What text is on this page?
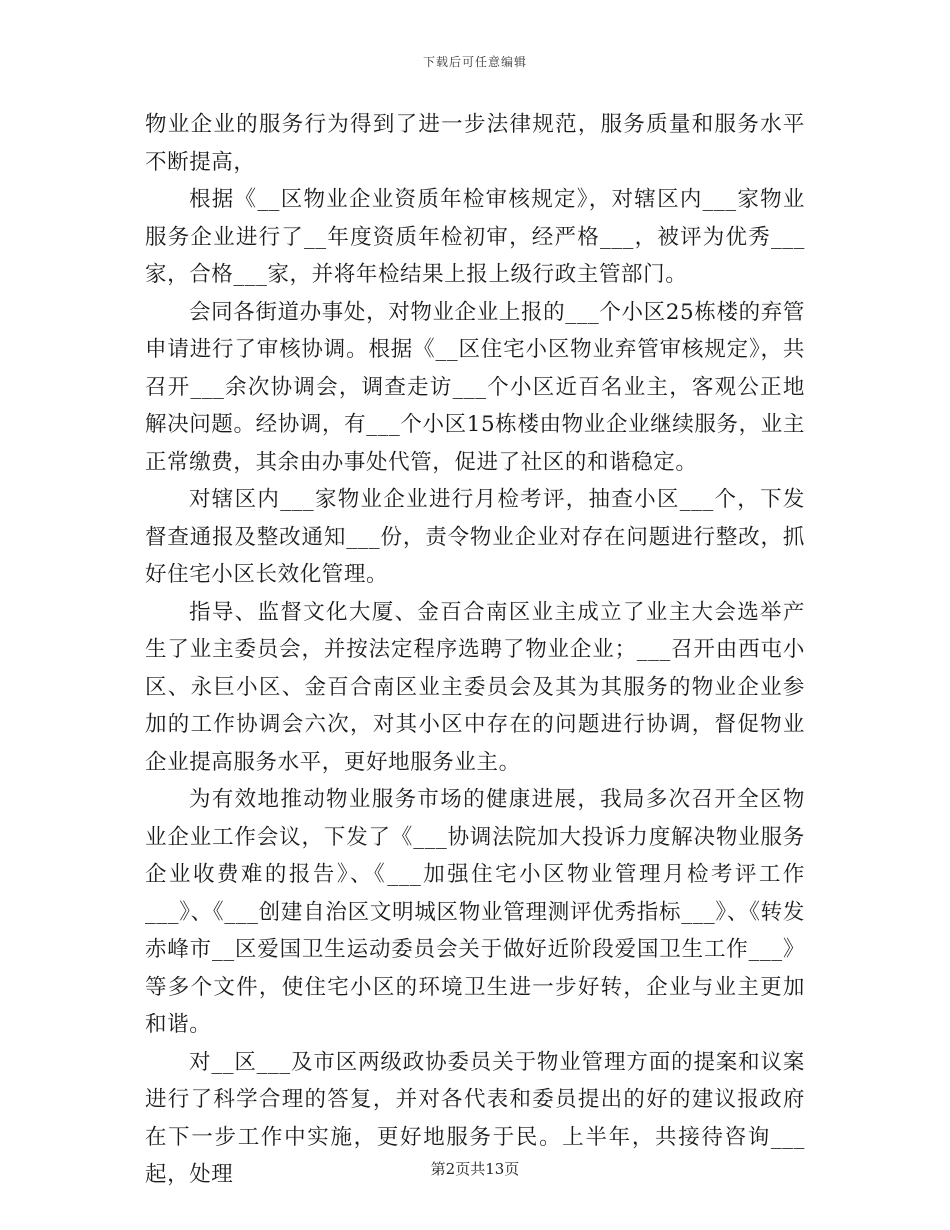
下载后可任意编辑

物业企业的服务行为得到了进一步法律规范，服务质量和服务水平不断提高，

根据《__区物业企业资质年检审核规定》，对辖区内___家物业服务企业进行了__年度资质年检初审，经严格___，被评为优秀___家，合格___家，并将年检结果上报上级行政主管部门。

会同各街道办事处，对物业企业上报的___个小区25栋楼的弃管申请进行了审核协调。根据《__区住宅小区物业弃管审核规定》，共召开___余次协调会，调查走访___个小区近百名业主，客观公正地解决问题。经协调，有___个小区15栋楼由物业企业继续服务，业主正常缴费，其余由办事处代管，促进了社区的和谐稳定。

对辖区内___家物业企业进行月检考评，抽查小区___个，下发督查通报及整改通知___份，责令物业企业对存在问题进行整改，抓好住宅小区长效化管理。

指导、监督文化大厦、金百合南区业主成立了业主大会选举产生了业主委员会，并按法定程序选聘了物业企业；___召开由西屯小区、永巨小区、金百合南区业主委员会及其为其服务的物业企业参加的工作协调会六次，对其小区中存在的问题进行协调，督促物业企业提高服务水平，更好地服务业主。

为有效地推动物业服务市场的健康进展，我局多次召开全区物业企业工作会议，下发了《___协调法院加大投诉力度解决物业服务企业收费难的报告》、《___加强住宅小区物业管理月检考评工作___》、《___创建自治区文明城区物业管理测评优秀指标___》、《转发赤峰市__区爱国卫生运动委员会关于做好近阶段爱国卫生工作___》等多个文件，使住宅小区的环境卫生进一步好转，企业与业主更加和谐。

对__区___及市区两级政协委员关于物业管理方面的提案和议案进行了科学合理的答复，并对各代表和委员提出的好的建议报政府在下一步工作中实施，更好地服务于民。上半年，共接待咨询___起，处理	第2页共13页
